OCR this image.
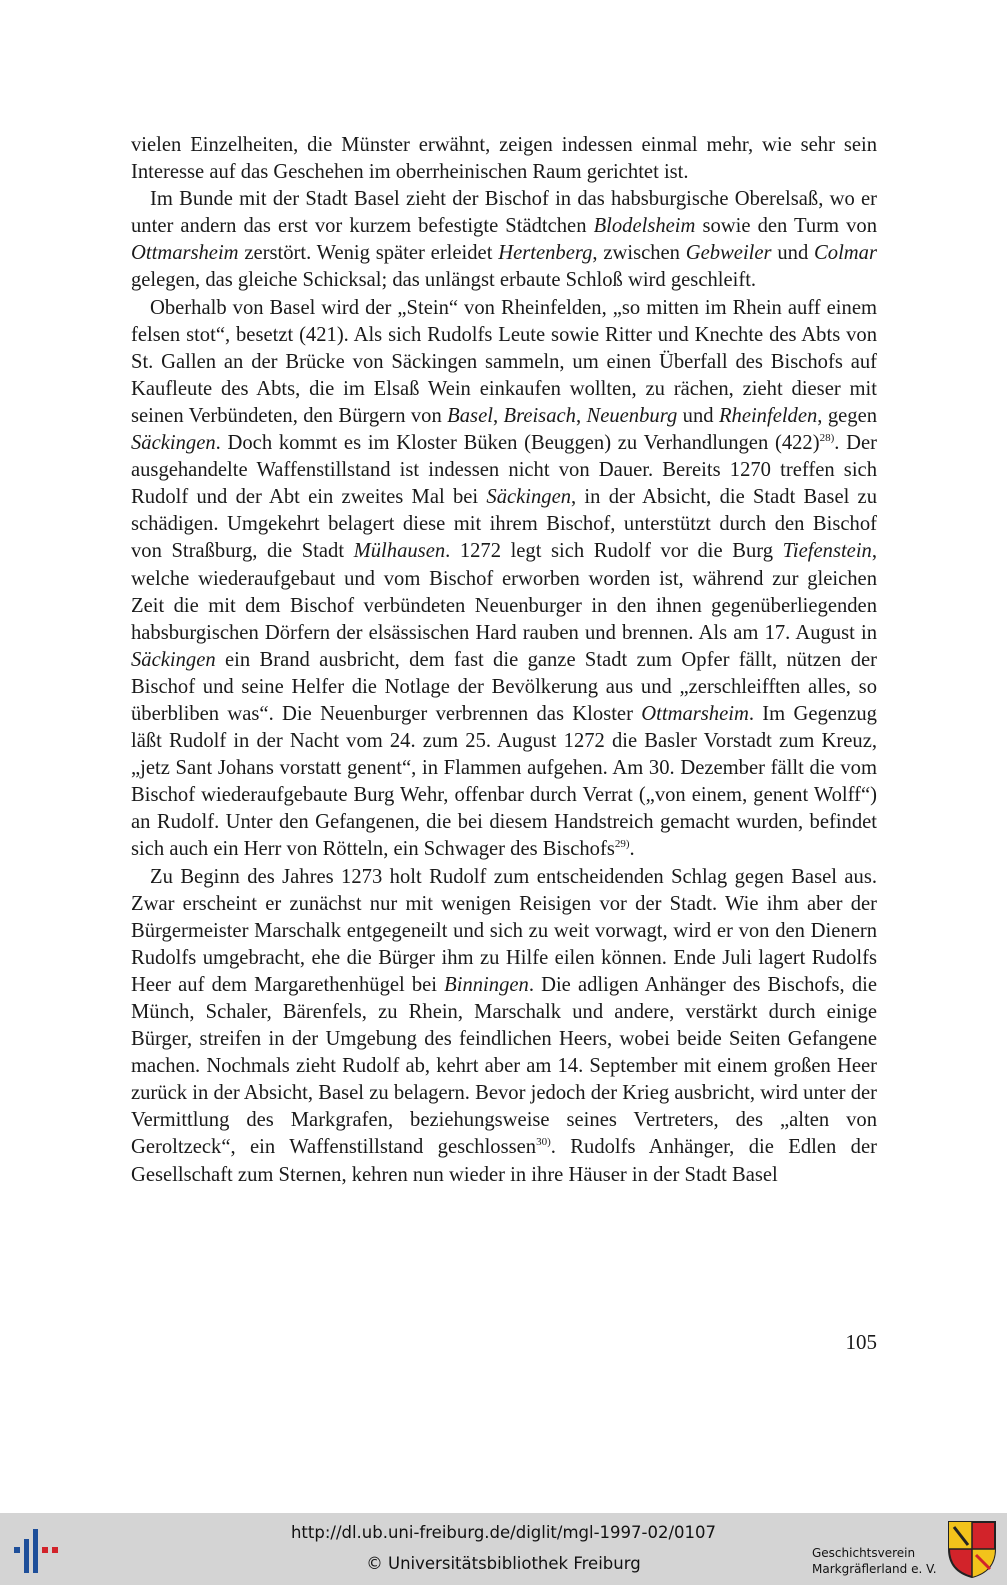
vielen Einzelheiten, die Münster erwähnt, zeigen indessen einmal mehr, wie sehr sein Interesse auf das Geschehen im oberrheinischen Raum gerichtet ist.

Im Bunde mit der Stadt Basel zieht der Bischof in das habsburgische Oberelsaß, wo er unter andern das erst vor kurzem befestigte Städtchen Blodelsheim sowie den Turm von Ottmarsheim zerstört. Wenig später erleidet Hertenberg, zwischen Gebweiler und Colmar gelegen, das gleiche Schicksal; das unlängst erbaute Schloß wird geschleift.

Oberhalb von Basel wird der „Stein“ von Rheinfelden, „so mitten im Rhein auff einem felsen stot“, besetzt (421). Als sich Rudolfs Leute sowie Ritter und Knechte des Abts von St. Gallen an der Brücke von Säckingen sammeln, um einen Überfall des Bischofs auf Kaufleute des Abts, die im Elsaß Wein einkaufen wollten, zu rächen, zieht dieser mit seinen Verbündeten, den Bürgern von Basel, Breisach, Neuenburg und Rheinfelden, gegen Säckingen. Doch kommt es im Kloster Büken (Beuggen) zu Verhandlungen $(422)^{28)}$. Der ausgehandelte Waffenstillstand ist indessen nicht von Dauer. Bereits 1270 treffen sich Rudolf und der Abt ein zweites Mal bei Säckingen, in der Absicht, die Stadt Basel zu schädigen. Umgekehrt belagert diese mit ihrem Bischof, unterstützt durch den Bischof von Straßburg, die Stadt Mülhausen. 1272 legt sich Rudolf vor die Burg Tiefenstein, welche wiederaufgebaut und vom Bischof erworben worden ist, während zur gleichen Zeit die mit dem Bischof verbündeten Neuenburger in den ihnen gegenüberliegenden habsburgischen Dörfern der elsässischen Hard rauben und brennen. Als am 17. August in Säckingen ein Brand ausbricht, dem fast die ganze Stadt zum Opfer fällt, nützen der Bischof und seine Helfer die Notlage der Bevölkerung aus und „zerschleifften alles, so überbliben was“. Die Neuenburger verbrennen das Kloster Ottmarsheim. Im Gegenzug läßt Rudolf in der Nacht vom 24. zum 25. August 1272 die Basler Vorstadt zum Kreuz, „jetz Sant Johans vorstatt genent“, in Flammen aufgehen. Am 30. Dezember fällt die vom Bischof wiederaufgebaute Burg Wehr, offenbar durch Verrat („von einem, genent Wolff“) an Rudolf. Unter den Gefangenen, die bei diesem Handstreich gemacht wurden, befindet sich auch ein Herr von Rötteln, ein Schwager des Bischofs$^{29)}$.

Zu Beginn des Jahres 1273 holt Rudolf zum entscheidenden Schlag gegen Basel aus. Zwar erscheint er zunächst nur mit wenigen Reisigen vor der Stadt. Wie ihm aber der Bürgermeister Marschalk entgegeneilt und sich zu weit vorwagt, wird er von den Dienern Rudolfs umgebracht, ehe die Bürger ihm zu Hilfe eilen können. Ende Juli lagert Rudolfs Heer auf dem Margarethenhügel bei Binningen. Die adligen Anhänger des Bischofs, die Münch, Schaler, Bärenfels, zu Rhein, Marschalk und andere, verstärkt durch einige Bürger, streifen in der Umgebung des feindlichen Heers, wobei beide Seiten Gefangene machen. Nochmals zieht Rudolf ab, kehrt aber am 14. September mit einem großen Heer zurück in der Absicht, Basel zu belagern. Bevor jedoch der Krieg ausbricht, wird unter der Vermittlung des Markgrafen, beziehungsweise seines Vertreters, des „alten von Geroltzeck“, ein Waffenstillstand geschlossen$^{30)}$. Rudolfs Anhänger, die Edlen der Gesellschaft zum Sternen, kehren nun wieder in ihre Häuser in der Stadt Basel

105
http://dl.ub.uni-freiburg.de/diglit/mgl-1997-02/0107
© Universitätsbibliothek Freiburg
Geschichtsverein
Markgräflerland e. V.
